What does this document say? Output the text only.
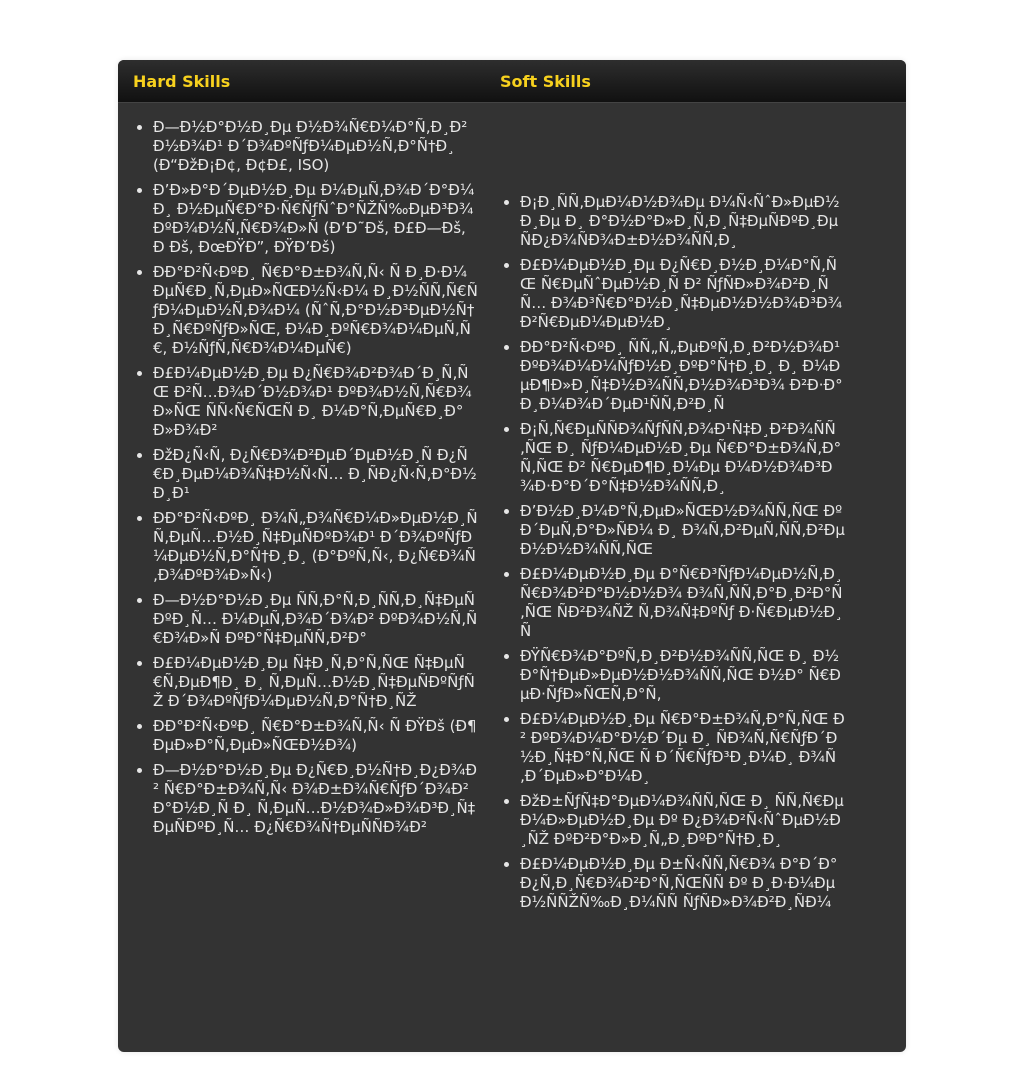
Hard Skills	Soft Skills
• Ð—Ð½Ð°Ð½Ð¸Ðµ Ð½Ð¾Ñ€Ð¼Ð°Ñ‚Ð¸Ð²Ð½Ð¾Ð¹ Ð´Ð¾ÐºÑƒÐ¼ÐµÐ½Ñ‚Ð°Ñ†Ð¸ (Ð“ÐžÐ¡Ð¢, Ð¢Ð£, ISO)
• Ð’Ð»Ð°Ð´ÐµÐ½Ð¸Ðµ Ð¼ÐµÑ‚Ð¾Ð´Ð°Ð¼Ð¸ Ð½ÐµÑ€Ð°Ð·Ñ€ÑƒÑˆÐ°ÑŽÑ‰ÐµÐ³Ð¾ ÐºÐ¾Ð½Ñ‚Ñ€Ð¾Ð»Ñ (Ð’Ð˜Ðš, Ð£Ð—Ðš, Ð Ðš, ÐœÐŸÐ”, ÐŸÐ’Ðš)
• ÐÐ°Ð²Ñ‹ÐºÐ¸ Ñ€Ð°Ð±Ð¾Ñ‚Ñ‹ Ñ Ð¸Ð·Ð¼ÐµÑ€Ð¸Ñ‚ÐµÐ»ÑŒÐ½Ñ‹Ð¼ Ð¸Ð½ÑÑ‚Ñ€ÑƒÐ¼ÐµÐ½Ñ‚Ð¾Ð¼ (ÑˆÑ‚Ð°Ð½Ð³ÐµÐ½Ñ†Ð¸Ñ€ÐºÑƒÐ»ÑŒ, Ð¼Ð¸ÐºÑ€Ð¾Ð¼ÐµÑ‚Ñ€, Ð½ÑƒÑ‚Ñ€Ð¾Ð¼ÐµÑ€)
• Ð£Ð¼ÐµÐ½Ð¸Ðµ Ð¿Ñ€Ð¾Ð²Ð¾Ð´Ð¸Ñ‚ÑŒ Ð²Ñ…Ð¾Ð´Ð½Ð¾Ð¹ ÐºÐ¾Ð½Ñ‚Ñ€Ð¾Ð»ÑŒ ÑÑ‹Ñ€ÑŒÑ Ð¸ Ð¼Ð°Ñ‚ÐµÑ€Ð¸Ð°Ð»Ð¾Ð²
• ÐžÐ¿Ñ‹Ñ‚ Ð¿Ñ€Ð¾Ð²ÐµÐ´ÐµÐ½Ð¸Ñ Ð¿Ñ€Ð¸ÐµÐ¼Ð¾Ñ‡Ð½Ñ‹Ñ… Ð¸ÑÐ¿Ñ‹Ñ‚Ð°Ð½Ð¸Ð¹
• ÐÐ°Ð²Ñ‹ÐºÐ¸ Ð¾Ñ„Ð¾Ñ€Ð¼Ð»ÐµÐ½Ð¸Ñ Ñ‚ÐµÑ…Ð½Ð¸Ñ‡ÐµÑÐºÐ¾Ð¹ Ð´Ð¾ÐºÑƒÐ¼ÐµÐ½Ñ‚Ð°Ñ†Ð¸Ð¸ (Ð°ÐºÑ‚Ñ‹, Ð¿Ñ€Ð¾Ñ‚Ð¾ÐºÐ¾Ð»Ñ‹)
• Ð—Ð½Ð°Ð½Ð¸Ðµ ÑÑ‚Ð°Ñ‚Ð¸ÑÑ‚Ð¸Ñ‡ÐµÑÐºÐ¸Ñ… Ð¼ÐµÑ‚Ð¾Ð´Ð¾Ð² ÐºÐ¾Ð½Ñ‚Ñ€Ð¾Ð»Ñ ÐºÐ°Ñ‡ÐµÑÑ‚Ð²Ð°
• Ð£Ð¼ÐµÐ½Ð¸Ðµ Ñ‡Ð¸Ñ‚Ð°Ñ‚ÑŒ Ñ‡ÐµÑ€Ñ‚ÐµÐ¶Ð¸ Ð¸ Ñ‚ÐµÑ…Ð½Ð¸Ñ‡ÐµÑÐºÑƒÑŽ Ð´Ð¾ÐºÑƒÐ¼ÐµÐ½Ñ‚Ð°Ñ†Ð¸ÑŽ
• ÐÐ°Ð²Ñ‹ÐºÐ¸ Ñ€Ð°Ð±Ð¾Ñ‚Ñ‹ Ñ ÐŸÐš (Ð¶ÐµÐ»Ð°Ñ‚ÐµÐ»ÑŒÐ½Ð¾)
• Ð—Ð½Ð°Ð½Ð¸Ðµ Ð¿Ñ€Ð¸Ð½Ñ†Ð¸Ð¿Ð¾Ð² Ñ€Ð°Ð±Ð¾Ñ‚Ñ‹ Ð¾Ð±Ð¾Ñ€ÑƒÐ´Ð¾Ð²Ð°Ð½Ð¸Ñ Ð¸ Ñ‚ÐµÑ…Ð½Ð¾Ð»Ð¾Ð³Ð¸Ñ‡ÐµÑÐºÐ¸Ñ… Ð¿Ñ€Ð¾Ñ†ÐµÑÑÐ¾Ð²
• Ð¡Ð¸ÑÑ‚ÐµÐ¼Ð½Ð¾Ðµ Ð¼Ñ‹ÑˆÐ»ÐµÐ½Ð¸Ðµ Ð¸ Ð°Ð½Ð°Ð»Ð¸Ñ‚Ð¸Ñ‡ÐµÑÐºÐ¸Ðµ ÑÐ¿Ð¾ÑÐ¾Ð±Ð½Ð¾ÑÑ‚Ð¸
• Ð£Ð¼ÐµÐ½Ð¸Ðµ Ð¿Ñ€Ð¸Ð½Ð¸Ð¼Ð°Ñ‚ÑŒ Ñ€ÐµÑˆÐµÐ½Ð¸Ñ Ð² ÑƒÑÐ»Ð¾Ð²Ð¸ÑÑ… Ð¾Ð³Ñ€Ð°Ð½Ð¸Ñ‡ÐµÐ½Ð½Ð¾Ð³Ð¾ Ð²Ñ€ÐµÐ¼ÐµÐ½Ð¸
• ÐÐ°Ð²Ñ‹ÐºÐ¸ ÑÑ„Ñ„ÐµÐºÑ‚Ð¸Ð²Ð½Ð¾Ð¹ ÐºÐ¾Ð¼Ð¼ÑƒÐ½Ð¸ÐºÐ°Ñ†Ð¸Ð¸ Ð¸ Ð¼ÐµÐ¶Ð»Ð¸Ñ‡Ð½Ð¾ÑÑ‚Ð½Ð¾Ð³Ð¾ Ð²Ð·Ð°Ð¸Ð¼Ð¾Ð´ÐµÐ¹ÑÑ‚Ð²Ð¸Ñ
• Ð¡Ñ‚Ñ€ÐµÑÑÐ¾ÑƒÑÑ‚Ð¾Ð¹Ñ‡Ð¸Ð²Ð¾ÑÑ‚ÑŒ Ð¸ ÑƒÐ¼ÐµÐ½Ð¸Ðµ Ñ€Ð°Ð±Ð¾Ñ‚Ð°Ñ‚ÑŒ Ð² Ñ€ÐµÐ¶Ð¸Ð¼Ðµ Ð¼Ð½Ð¾Ð³Ð¾Ð·Ð°Ð´Ð°Ñ‡Ð½Ð¾ÑÑ‚Ð¸
• Ð’Ð½Ð¸Ð¼Ð°Ñ‚ÐµÐ»ÑŒÐ½Ð¾ÑÑ‚ÑŒ Ðº Ð´ÐµÑ‚Ð°Ð»ÑÐ¼ Ð¸ Ð¾Ñ‚Ð²ÐµÑ‚ÑÑ‚Ð²ÐµÐ½Ð½Ð¾ÑÑ‚ÑŒ
• Ð£Ð¼ÐµÐ½Ð¸Ðµ Ð°Ñ€Ð³ÑƒÐ¼ÐµÐ½Ñ‚Ð¸Ñ€Ð¾Ð²Ð°Ð½Ð½Ð¾ Ð¾Ñ‚ÑÑ‚Ð°Ð¸Ð²Ð°Ñ‚ÑŒ ÑÐ²Ð¾ÑŽ Ñ‚Ð¾Ñ‡ÐºÑƒ Ð·Ñ€ÐµÐ½Ð¸Ñ
• ÐŸÑ€Ð¾Ð°ÐºÑ‚Ð¸Ð²Ð½Ð¾ÑÑ‚ÑŒ Ð¸ Ð½Ð°Ñ†ÐµÐ»ÐµÐ½Ð½Ð¾ÑÑ‚ÑŒ Ð½Ð° Ñ€ÐµÐ·ÑƒÐ»ÑŒÑ‚Ð°Ñ‚
• Ð£Ð¼ÐµÐ½Ð¸Ðµ Ñ€Ð°Ð±Ð¾Ñ‚Ð°Ñ‚ÑŒ Ð² ÐºÐ¾Ð¼Ð°Ð½Ð´Ðµ Ð¸ ÑÐ¾Ñ‚Ñ€ÑƒÐ´Ð½Ð¸Ñ‡Ð°Ñ‚ÑŒ Ñ Ð´Ñ€ÑƒÐ³Ð¸Ð¼Ð¸ Ð¾Ñ‚Ð´ÐµÐ»Ð°Ð¼Ð¸
• ÐžÐ±ÑƒÑ‡Ð°ÐµÐ¼Ð¾ÑÑ‚ÑŒ Ð¸ ÑÑ‚Ñ€ÐµÐ¼Ð»ÐµÐ½Ð¸Ðµ Ðº Ð¿Ð¾Ð²Ñ‹ÑˆÐµÐ½Ð¸ÑŽ ÐºÐ²Ð°Ð»Ð¸Ñ„Ð¸ÐºÐ°Ñ†Ð¸Ð¸
• Ð£Ð¼ÐµÐ½Ð¸Ðµ Ð±Ñ‹ÑÑ‚Ñ€Ð¾ Ð°Ð´Ð°Ð¿Ñ‚Ð¸Ñ€Ð¾Ð²Ð°Ñ‚ÑŒÑÑ Ðº Ð¸Ð·Ð¼ÐµÐ½ÑÑŽÑ‰Ð¸Ð¼ÑÑ ÑƒÑÐ»Ð¾Ð²Ð¸ÑÐ¼
